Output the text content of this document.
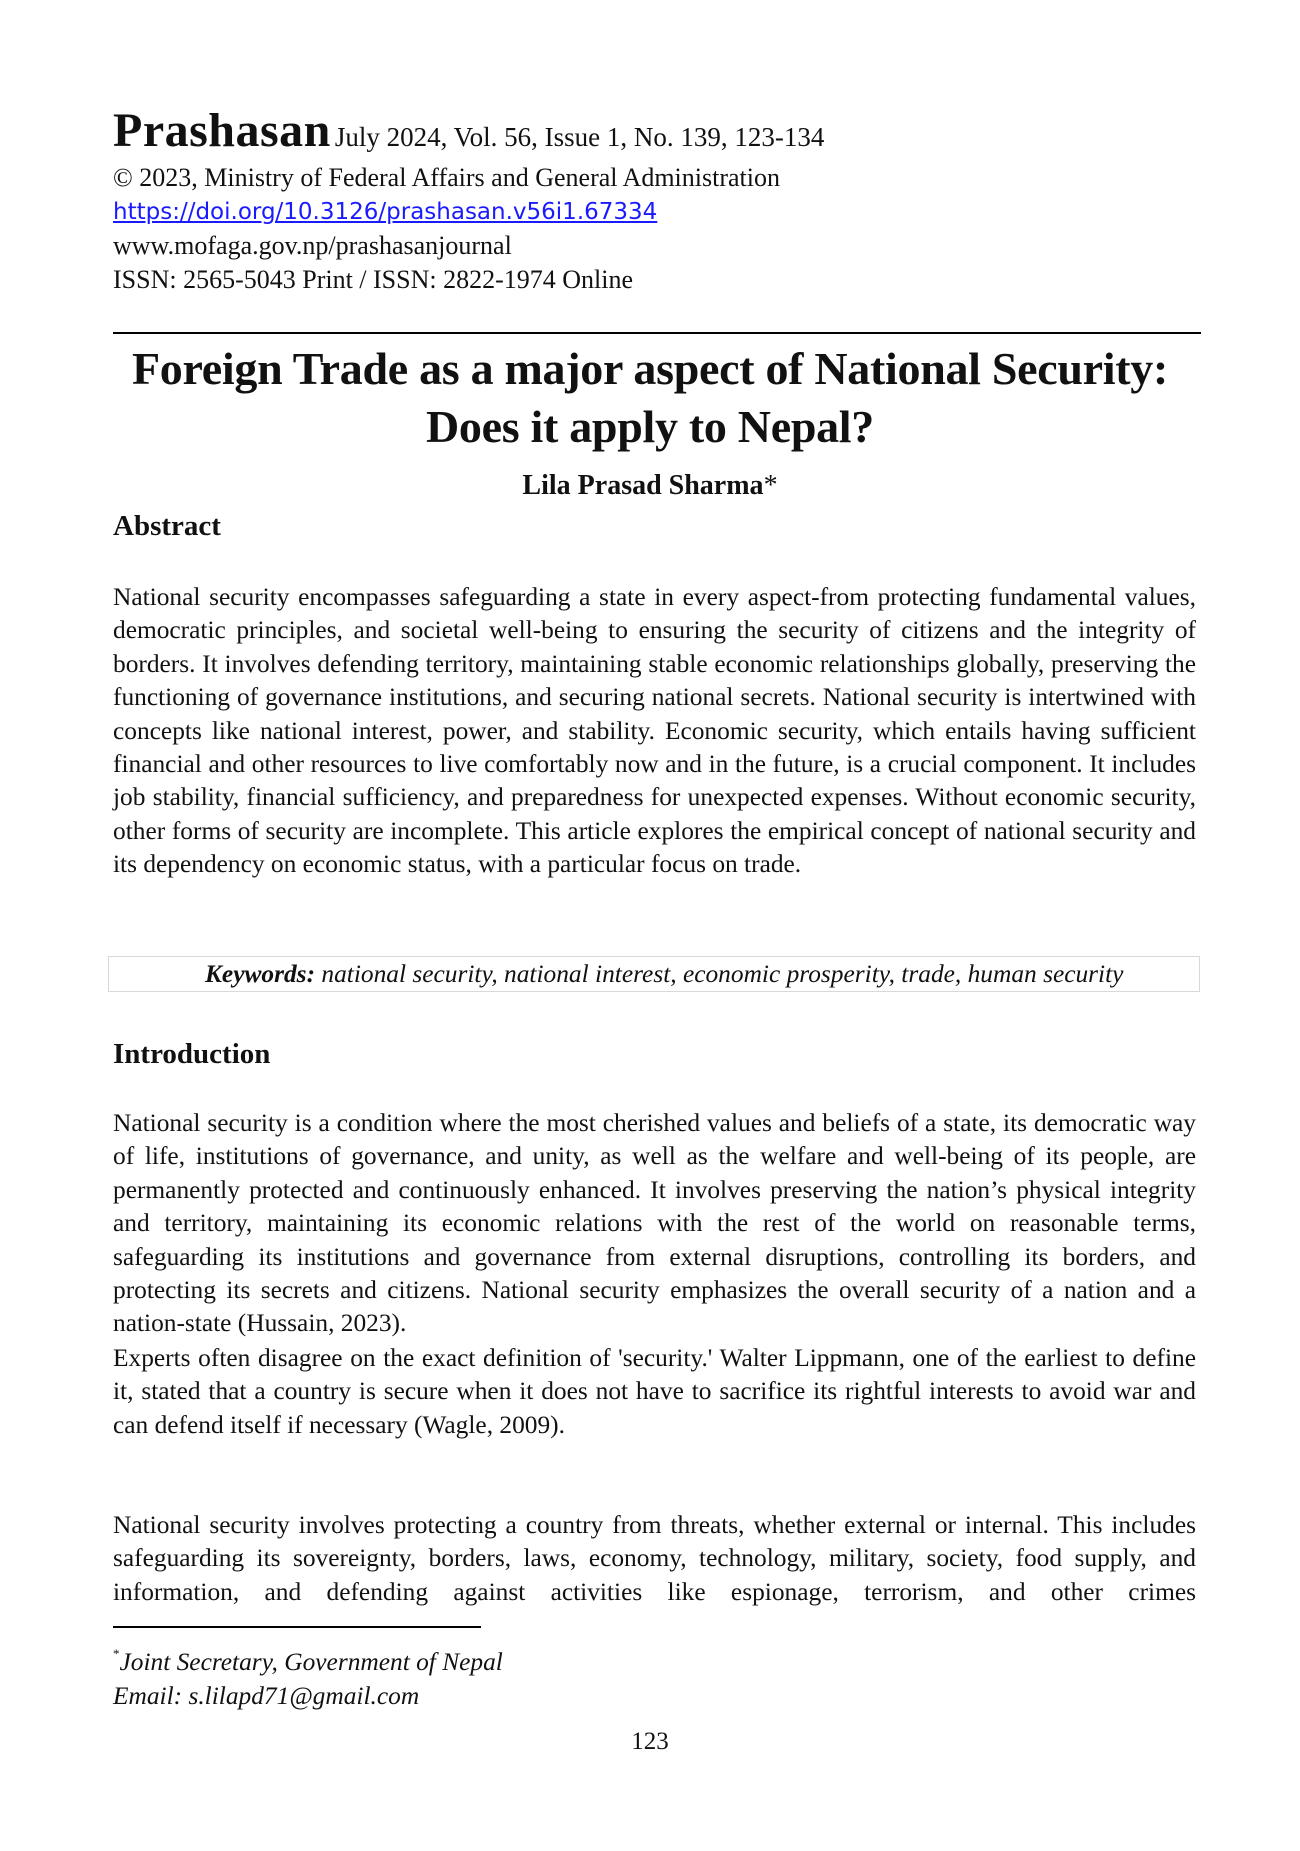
Prashasan July 2024, Vol. 56, Issue 1, No. 139, 123-134
© 2023, Ministry of Federal Affairs and General Administration
https://doi.org/10.3126/prashasan.v56i1.67334
www.mofaga.gov.np/prashasanjournal
ISSN: 2565-5043 Print / ISSN: 2822-1974 Online
Foreign Trade as a major aspect of National Security:
Does it apply to Nepal?
Lila Prasad Sharma*
Abstract
National security encompasses safeguarding a state in every aspect-from protecting fundamental values, democratic principles, and societal well-being to ensuring the security of citizens and the integrity of borders. It involves defending territory, maintaining stable economic relationships globally, preserving the functioning of governance institutions, and securing national secrets. National security is intertwined with concepts like national interest, power, and stability. Economic security, which entails having sufficient financial and other resources to live comfortably now and in the future, is a crucial component. It includes job stability, financial sufficiency, and preparedness for unexpected expenses. Without economic security, other forms of security are incomplete. This article explores the empirical concept of national security and its dependency on economic status, with a particular focus on trade.
Keywords: national security, national interest, economic prosperity, trade, human security
Introduction
National security is a condition where the most cherished values and beliefs of a state, its democratic way of life, institutions of governance, and unity, as well as the welfare and well-being of its people, are permanently protected and continuously enhanced. It involves preserving the nation’s physical integrity and territory, maintaining its economic relations with the rest of the world on reasonable terms, safeguarding its institutions and governance from external disruptions, controlling its borders, and protecting its secrets and citizens. National security emphasizes the overall security of a nation and a nation-state (Hussain, 2023).
Experts often disagree on the exact definition of 'security.' Walter Lippmann, one of the earliest to define it, stated that a country is secure when it does not have to sacrifice its rightful interests to avoid war and can defend itself if necessary (Wagle, 2009).
National security involves protecting a country from threats, whether external or internal. This includes safeguarding its sovereignty, borders, laws, economy, technology, military, society, food supply, and information, and defending against activities like espionage, terrorism, and other crimes
*Joint Secretary, Government of Nepal
Email: s.lilapd71@gmail.com
123
